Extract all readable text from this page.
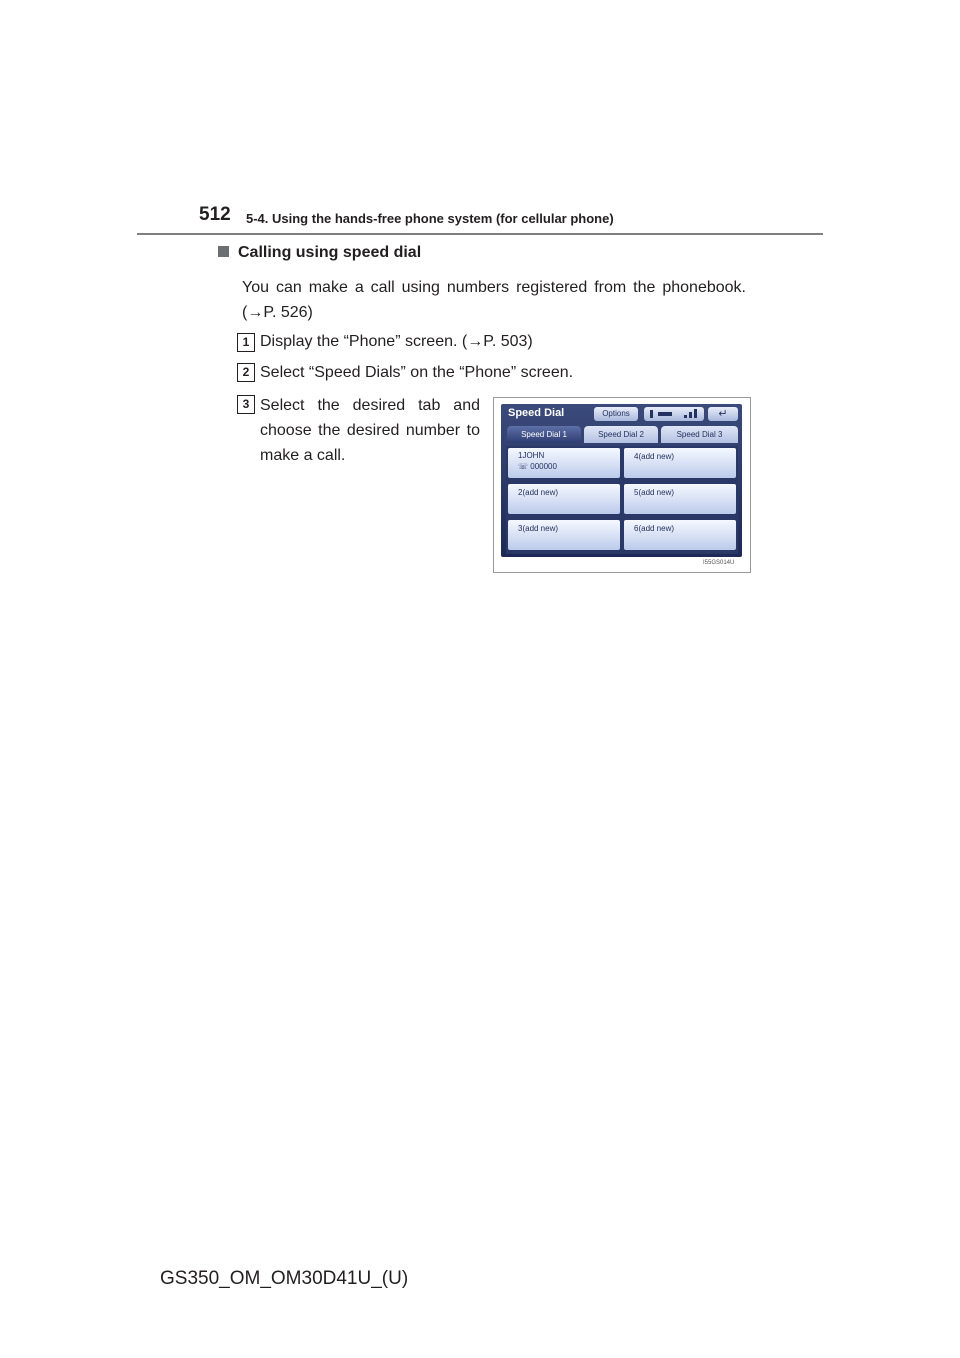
512 5-4. Using the hands-free phone system (for cellular phone)
Calling using speed dial
You can make a call using numbers registered from the phonebook. (→P. 526)
1 Display the “Phone” screen. (→P. 503)
2 Select “Speed Dials” on the “Phone” screen.
3 Select the desired tab and choose the desired number to make a call.
Speed Dial	Options	↵
Speed Dial 1	Speed Dial 2	Speed Dial 3
1JOHN
☏ 000000
2(add new)
3(add new)
4(add new)
5(add new)
6(add new)
I55GS014U
GS350_OM_OM30D41U_(U)
